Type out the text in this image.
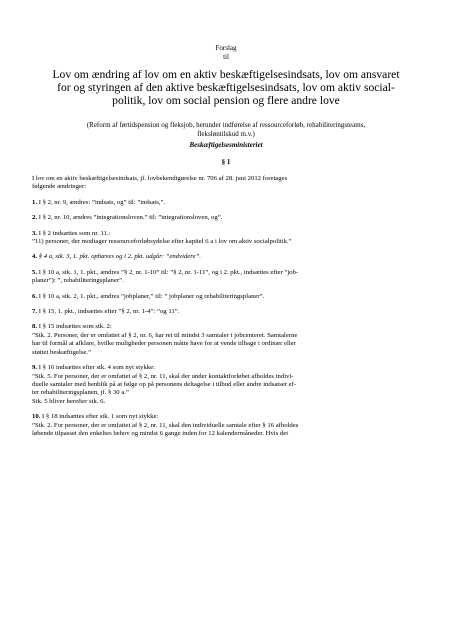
Forslag
til
Lov om ændring af lov om en aktiv beskæftigelsesindsats, lov om ansvaret
for og styringen af den aktive beskæftigelsesindsats, lov om aktiv social-
politik, lov om social pension og flere andre love
(Reform af førtidspension og fleksjob, herunder indførelse af ressourceforløb, rehabiliteringsteams,
fleksløntilskud m.v.)
Beskæftigelsesministeriet
§ 1

I lov om en aktiv beskæftigelsesindsats, jf. lovbekendtgørelse nr. 706 af 28. juni 2012 foretages
følgende ændringer:

1. I § 2, nr. 9, ændres: ”indsats, og” til: ”indsats,”.

2. I § 2, nr. 10, ændres ”integrationsloven.” til: ”integrationsloven, og”.

3. I § 2 indsættes som nr. 11.:
”11) personer, der modtager ressourceforløbsydelse efter kapitel 6 a i lov om aktiv socialpolitik.”

4. § 4 a, stk. 3, 1. pkt. ophæves og i 2. pkt. udgår: ”endvidere”.

5. I § 10 a, stk. 1, 1. pkt., ændres ”§ 2, nr. 1-10” til: ”§ 2, nr. 1-11”, og i 2. pkt., indsættes efter ”job-
planer”): ”, rehabiliteringsplaner”.

6. I § 10 a, stk. 2, 1. pkt., ændres ”jobplaner,” til: ” jobplaner og rehabiliteringsplaner”.

7. I § 15, 1. pkt., indsættes efter ”§ 2, nr. 1-4”: ”og 11”.

8. I § 15 indsættes som stk. 2:
”Stk. 2. Personer, der er omfattet af § 2, nr. 6, har ret til mindst 3 samtaler i jobcenteret. Samtalerne
har til formål at afklare, hvilke muligheder personen måtte have for at vende tilbage i ordinær eller
støttet beskæftigelse.”

9. I § 16 indsættes efter stk. 4 som nyt stykke:
”Stk. 5. For personer, der er omfattet af § 2, nr. 11, skal der under kontaktforløbet afholdes indivi-
duelle samtaler med henblik på at følge op på personens deltagelse i tilbud eller andre indsatser ef-
ter rehabiliteringsplanen, jf. § 30 a.”
Stk. 5 bliver herefter stk. 6.

10. I § 18 indsættes efter stk. 1 som nyt stykke:
”Stk. 2. For personer, der er omfattet af § 2, nr. 11, skal den individuelle samtale efter § 16 afholdes
løbende tilpasset den enkeltes behov og mindst 6 gange inden for 12 kalendermåneder. Hvis det
